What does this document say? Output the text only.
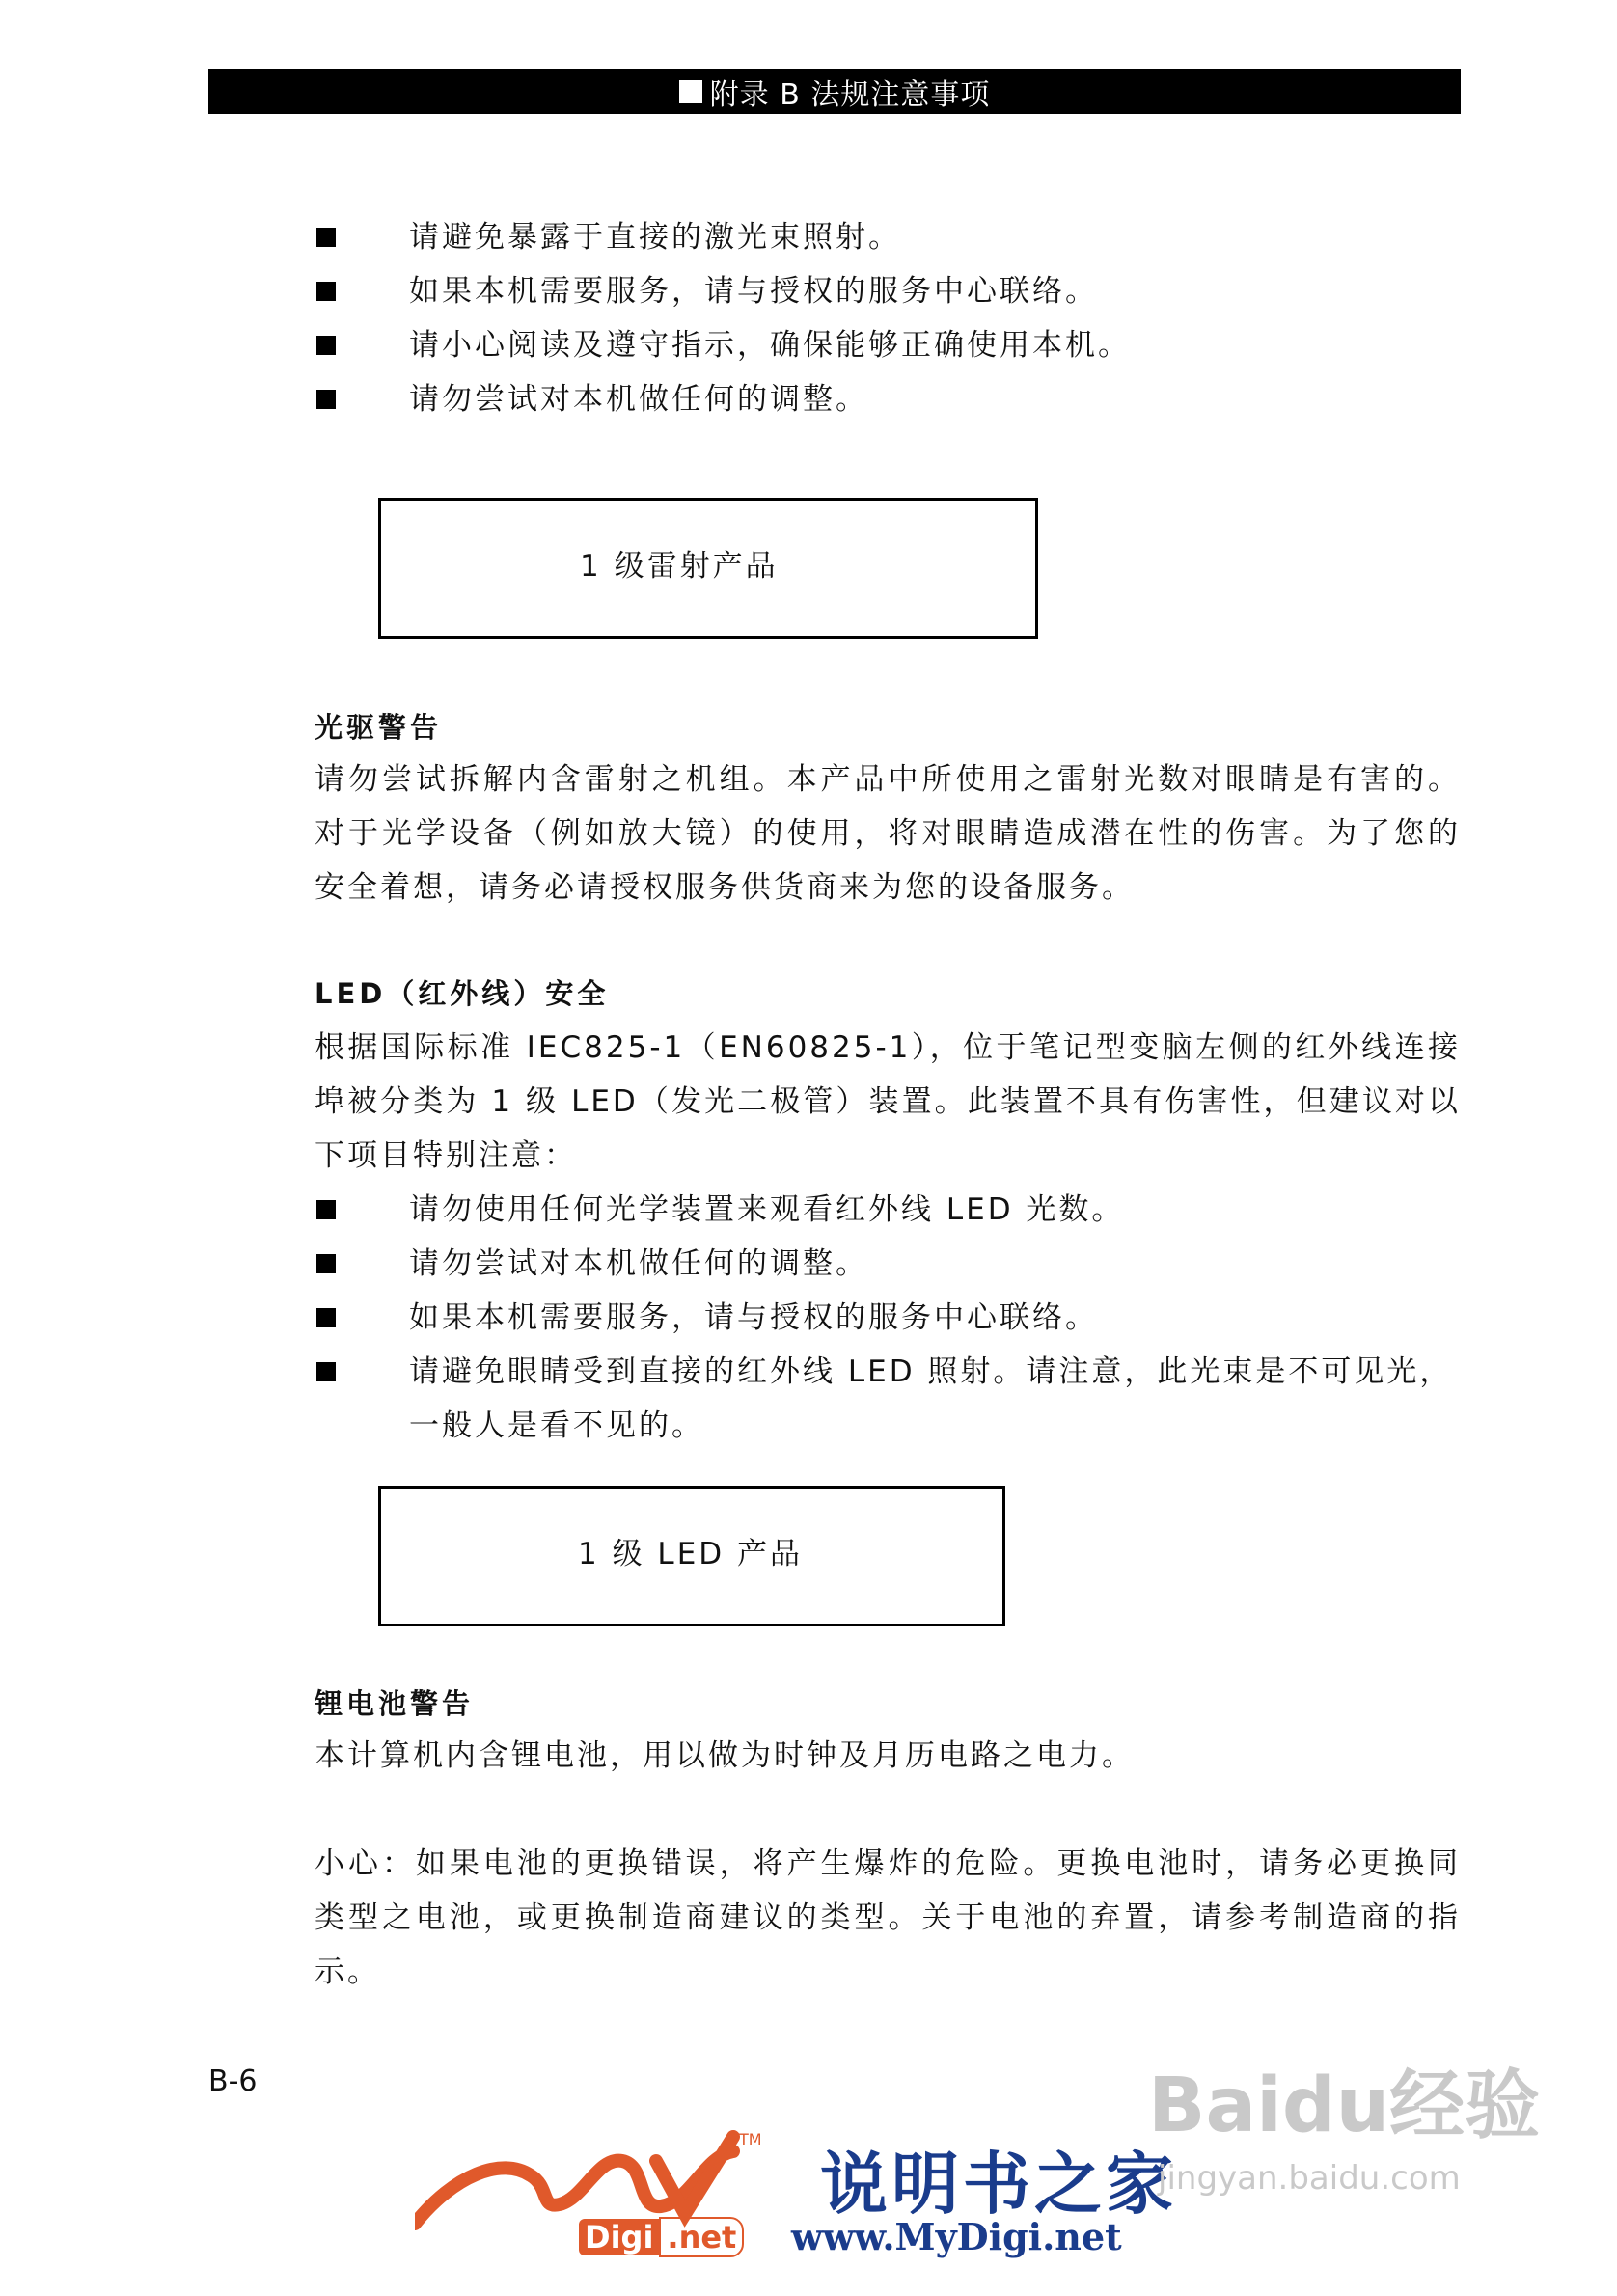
附录 B 法规注意事项
请避免暴露于直接的激光束照射。
如果本机需要服务，请与授权的服务中心联络。
请小心阅读及遵守指示，确保能够正确使用本机。
请勿尝试对本机做任何的调整。
1 级雷射产品
光驱警告

请勿尝试拆解内含雷射之机组。本产品中所使用之雷射光数对眼睛是有害的。对于光学设备（例如放大镜）的使用，将对眼睛造成潜在性的伤害。为了您的安全着想，请务必请授权服务供货商来为您的设备服务。

LED（红外线）安全

根据国际标准 IEC825-1（EN60825-1），位于笔记型变脑左侧的红外线连接埠被分类为 1 级 LED（发光二极管）装置。此装置不具有伤害性，但建议对以下项目特别注意：

请勿使用任何光学装置来观看红外线 LED 光数。
请勿尝试对本机做任何的调整。
如果本机需要服务，请与授权的服务中心联络。
请避免眼睛受到直接的红外线 LED 照射。请注意，此光束是不可见光，一般人是看不见的。
1 级 LED 产品
锂电池警告

本计算机内含锂电池，用以做为时钟及月历电路之电力。

小心：如果电池的更换错误，将产生爆炸的危险。更换电池时，请务必更换同类型之电池，或更换制造商建议的类型。关于电池的弃置，请参考制造商的指示。

B-6
TM
Digi .net
说明书之家
www.MyDigi.net
Baidu经验
jingyan.baidu.com
